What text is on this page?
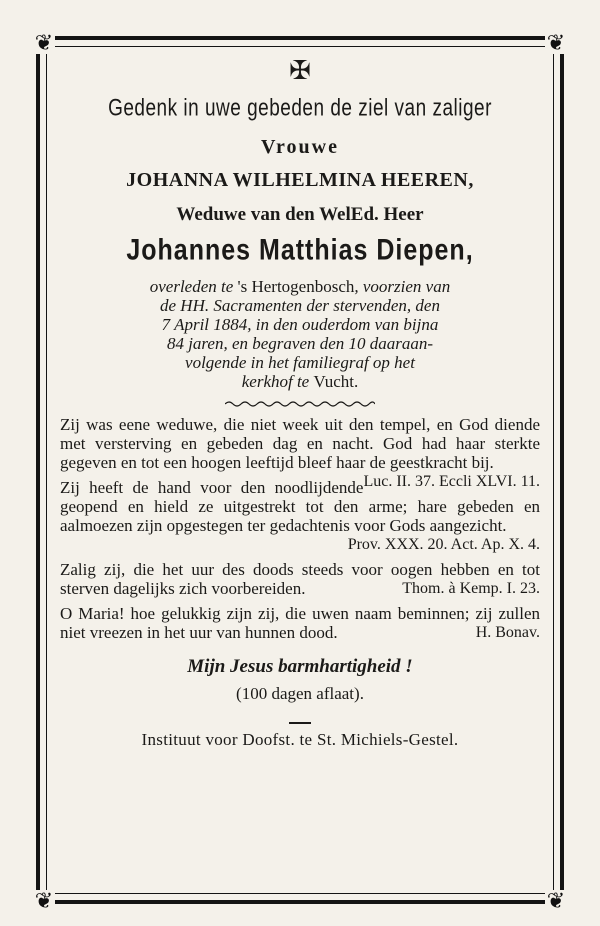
❦	❦
❦	❦
✠
Gedenk in uwe gebeden de ziel van zaliger
Vrouwe
JOHANNA WILHELMINA HEEREN,
Weduwe van den WelEd. Heer
Johannes Matthias Diepen,
overleden te 's Hertogenbosch, voorzien van
de HH. Sacramenten der stervenden, den
7 April 1884, in den ouderdom van bijna
84 jaren, en begraven den 10 daaraan-
volgende in het familiegraf op het
kerkhof te Vucht.
Zij was eene weduwe, die niet week uit den tempel, en God diende met versterving en gebeden dag en nacht. God had haar sterkte gegeven en tot een hoogen leeftijd bleef haar de geestkracht bij.
Luc. II. 37. Eccli XLVI. 11.
Zij heeft de hand voor den noodlijdende geopend en hield ze uitgestrekt tot den arme; hare gebeden en aalmoezen zijn opgestegen ter gedachtenis voor Gods aangezicht.
Prov. XXX. 20. Act. Ap. X. 4.
Zalig zij, die het uur des doods steeds voor oogen hebben en tot sterven dagelijks zich voorbereiden.	Thom. à Kemp. I. 23.
O Maria! hoe gelukkig zijn zij, die uwen naam beminnen; zij zullen niet vreezen in het uur van hunnen dood.	H. Bonav.
Mijn Jesus barmhartigheid !
(100 dagen aflaat).
Instituut voor Doofst. te St. Michiels-Gestel.
